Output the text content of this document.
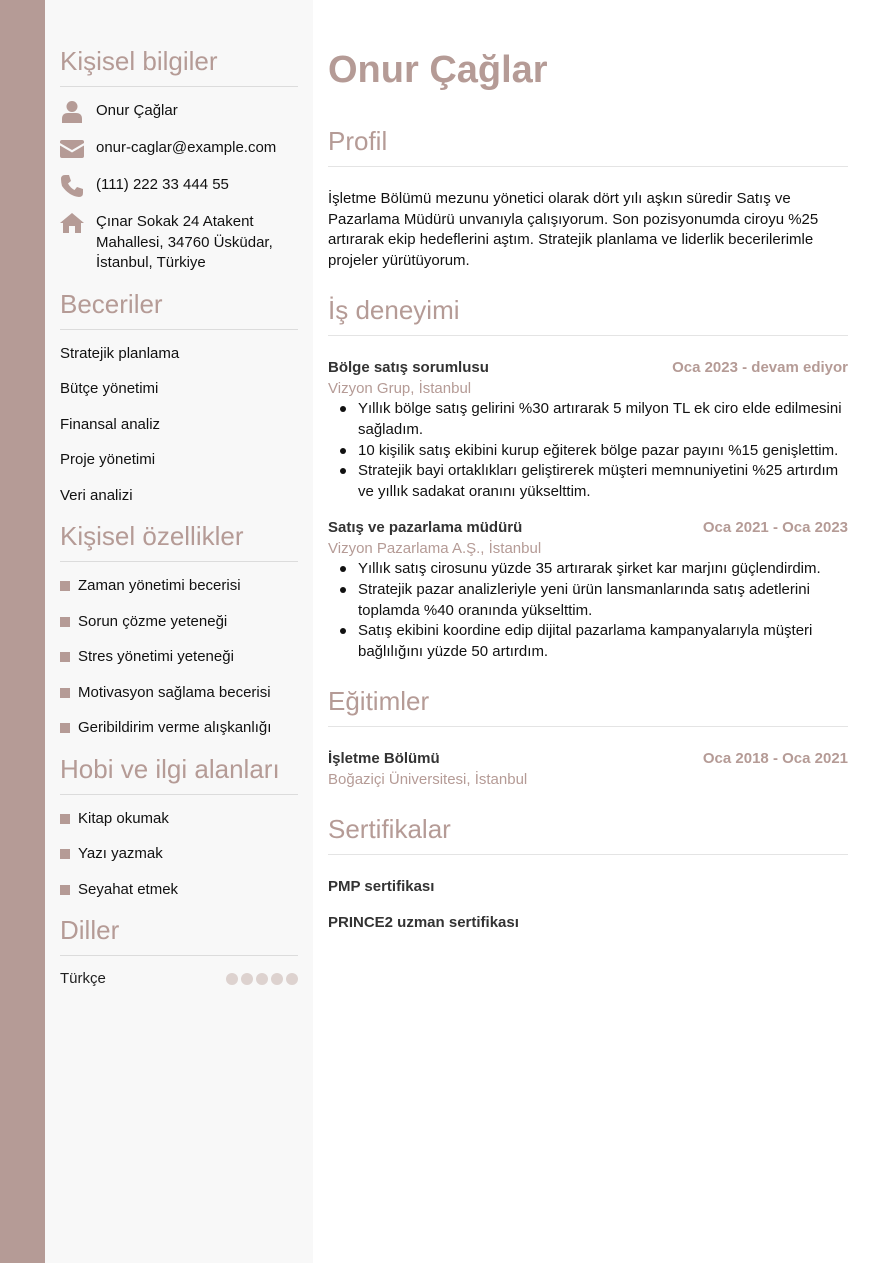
Kişisel bilgiler
Onur Çağlar
onur-caglar@example.com
(111) 222 33 444 55
Çınar Sokak 24 Atakent
Mahallesi, 34760 Üsküdar,
İstanbul, Türkiye
Beceriler
Stratejik planlama
Bütçe yönetimi
Finansal analiz
Proje yönetimi
Veri analizi
Kişisel özellikler
Zaman yönetimi becerisi
Sorun çözme yeteneği
Stres yönetimi yeteneği
Motivasyon sağlama becerisi
Geribildirim verme alışkanlığı
Hobi ve ilgi alanları
Kitap okumak
Yazı yazmak
Seyahat etmek
Diller
Türkçe
Onur Çağlar
Profil

İşletme Bölümü mezunu yönetici olarak dört yılı aşkın süredir Satış ve Pazarlama Müdürü unvanıyla çalışıyorum. Son pozisyonumda ciroyu %25 artırarak ekip hedeflerini aştım. Stratejik planlama ve liderlik becerilerimle projeler yürütüyorum.

İş deneyimi
Bölge satış sorumlusu	Oca 2023 - devam ediyor
Vizyon Grup, İstanbul
Yıllık bölge satış gelirini %30 artırarak 5 milyon TL ek ciro elde edilmesini sağladım.
10 kişilik satış ekibini kurup eğiterek bölge pazar payını %15 genişlettim.
Stratejik bayi ortaklıkları geliştirerek müşteri memnuniyetini %25 artırdım ve yıllık sadakat oranını yükselttim.
Satış ve pazarlama müdürü	Oca 2021 - Oca 2023
Vizyon Pazarlama A.Ş., İstanbul
Yıllık satış cirosunu yüzde 35 artırarak şirket kar marjını güçlendirdim.
Stratejik pazar analizleriyle yeni ürün lansmanlarında satış adetlerini toplamda %40 oranında yükselttim.
Satış ekibini koordine edip dijital pazarlama kampanyalarıyla müşteri bağlılığını yüzde 50 artırdım.
Eğitimler
İşletme Bölümü	Oca 2018 - Oca 2021
Boğaziçi Üniversitesi, İstanbul
Sertifikalar
PMP sertifikası
PRINCE2 uzman sertifikası
